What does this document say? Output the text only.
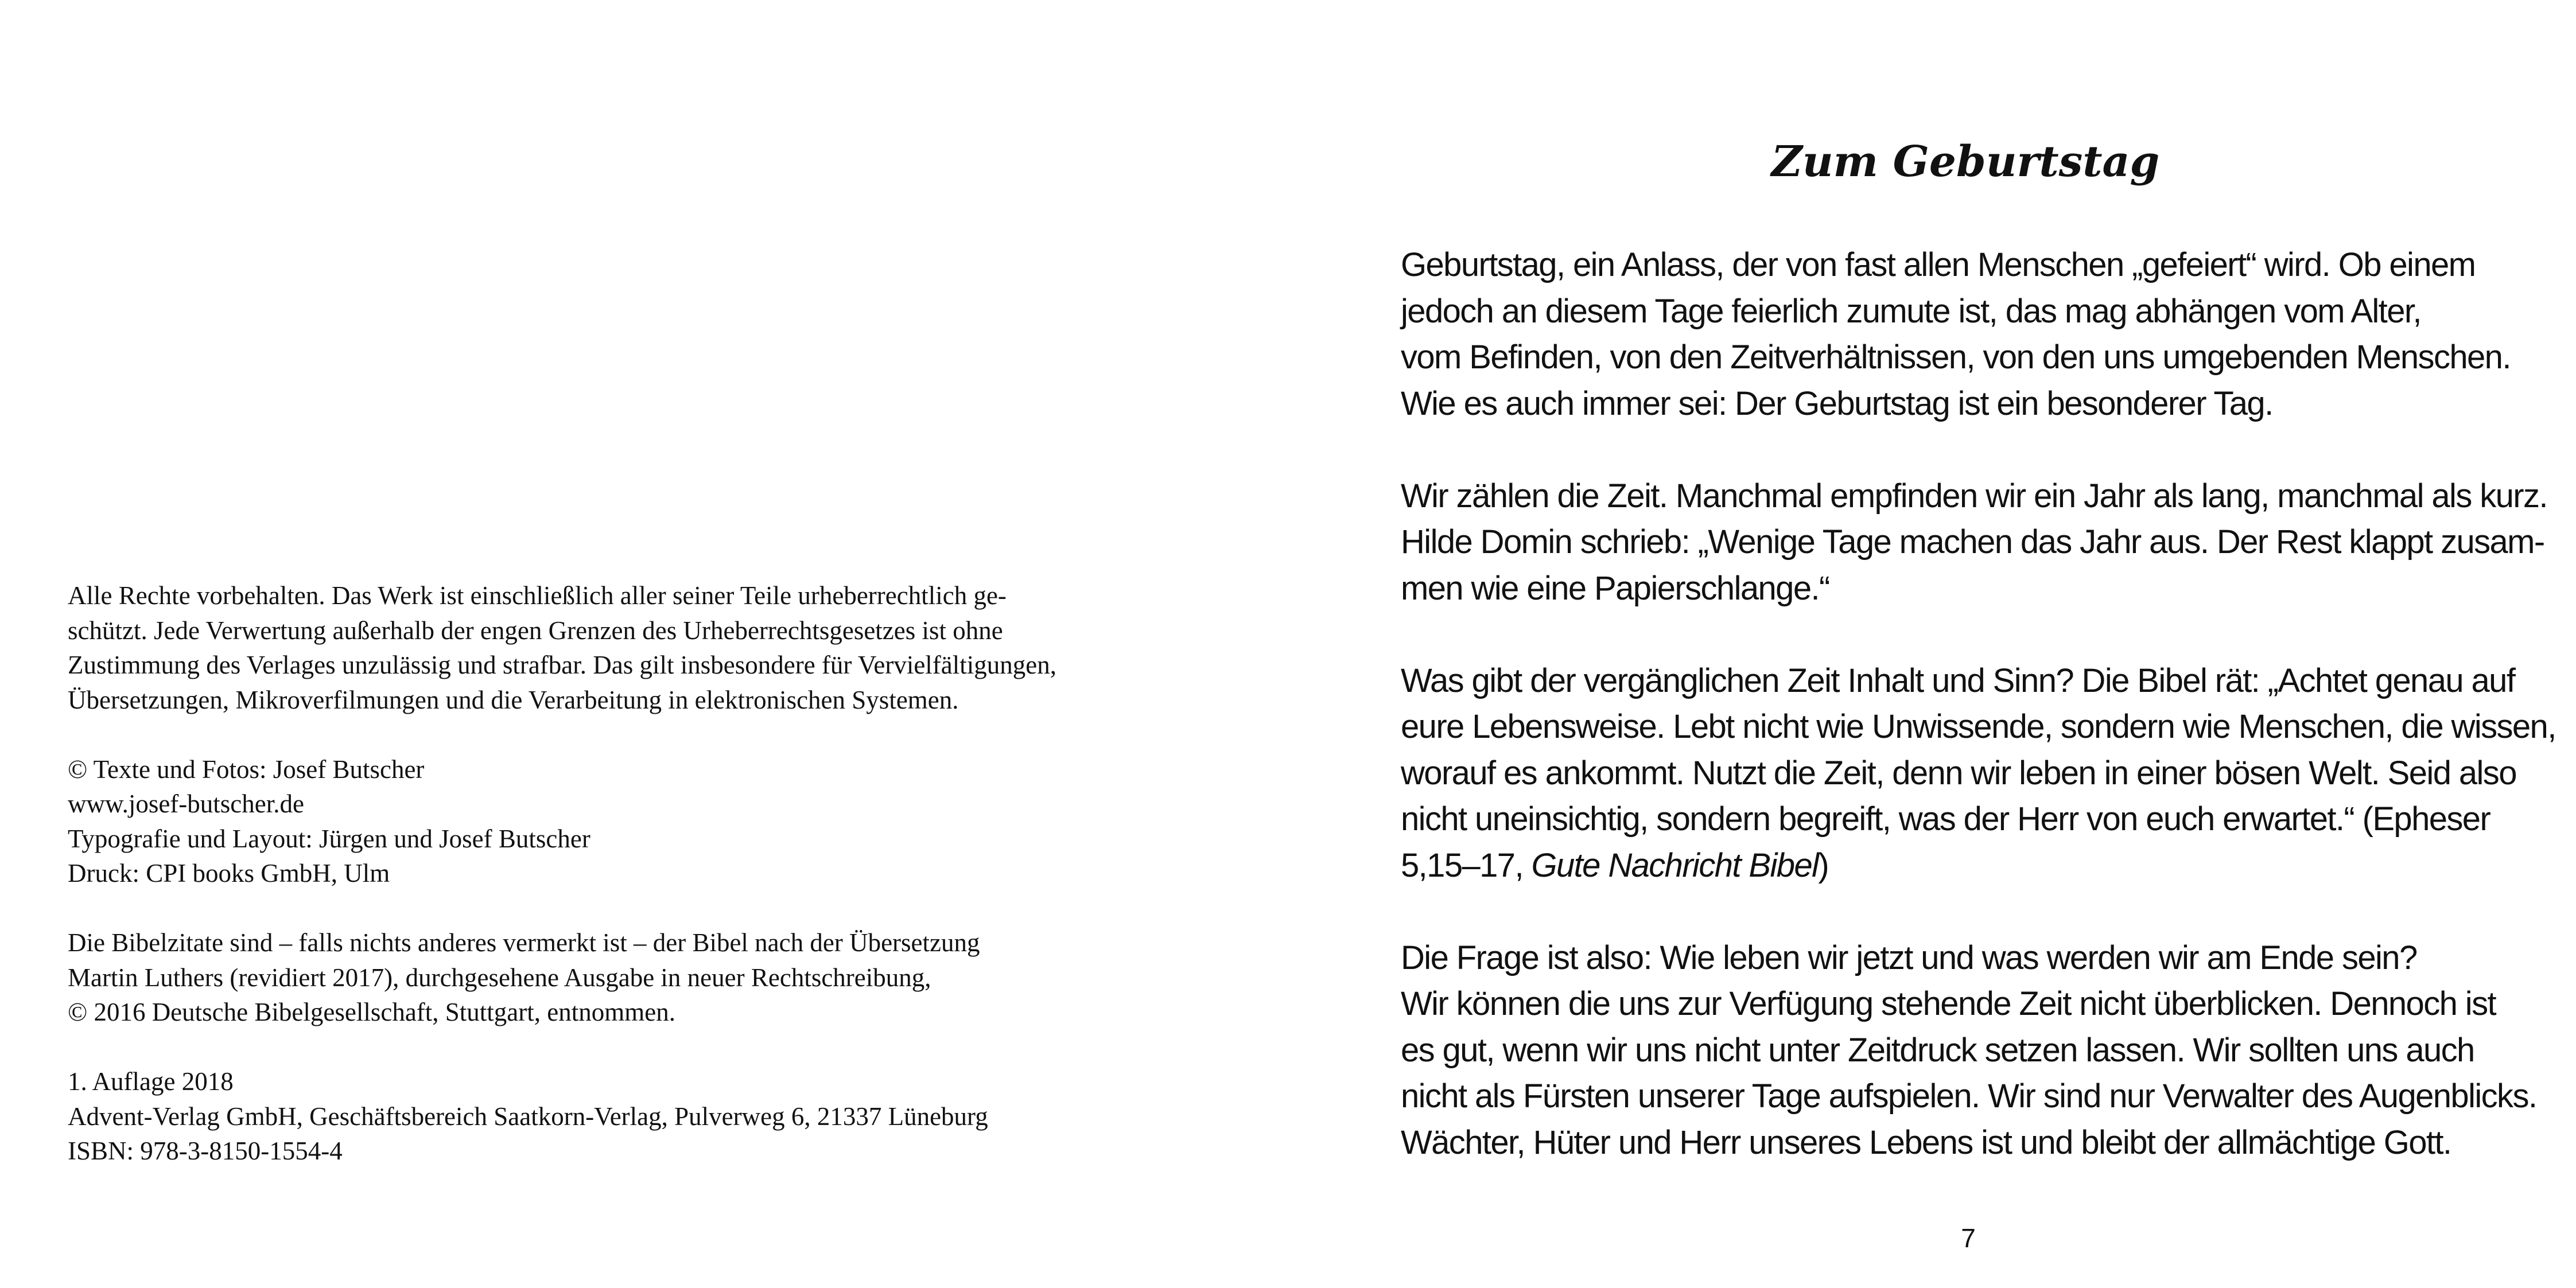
Alle Rechte vorbehalten. Das Werk ist einschließlich aller seiner Teile urheberrechtlich ge-
schützt. Jede Verwertung außerhalb der engen Grenzen des Urheberrechtsgesetzes ist ohne
Zustimmung des Verlages unzulässig und strafbar. Das gilt insbesondere für Vervielfältigungen,
Übersetzungen, Mikroverfilmungen und die Verarbeitung in elektronischen Systemen.

© Texte und Fotos: Josef Butscher
www.josef-butscher.de
Typografie und Layout: Jürgen und Josef Butscher
Druck: CPI books GmbH, Ulm

Die Bibelzitate sind – falls nichts anderes vermerkt ist – der Bibel nach der Übersetzung
Martin Luthers (revidiert 2017), durchgesehene Ausgabe in neuer Rechtschreibung,
© 2016 Deutsche Bibelgesellschaft, Stuttgart, entnommen.

1. Auflage 2018
Advent-Verlag GmbH, Geschäftsbereich Saatkorn-Verlag, Pulverweg 6, 21337 Lüneburg
ISBN: 978-3-8150-1554-4

Zum Geburtstag

Geburtstag, ein Anlass, der von fast allen Menschen „gefeiert“ wird. Ob einem
jedoch an diesem Tage feierlich zumute ist, das mag abhängen vom Alter,
vom Befinden, von den Zeitverhältnissen, von den uns umgebenden Menschen.
Wie es auch immer sei: Der Geburtstag ist ein besonderer Tag.

Wir zählen die Zeit. Manchmal empfinden wir ein Jahr als lang, manchmal als kurz.
Hilde Domin schrieb: „Wenige Tage machen das Jahr aus. Der Rest klappt zusam-
men wie eine Papierschlange.“

Was gibt der vergänglichen Zeit Inhalt und Sinn? Die Bibel rät: „Achtet genau auf
eure Lebensweise. Lebt nicht wie Unwissende, sondern wie Menschen, die wissen,
worauf es ankommt. Nutzt die Zeit, denn wir leben in einer bösen Welt. Seid also
nicht uneinsichtig, sondern begreift, was der Herr von euch erwartet.“ (Epheser
5,15–17, Gute Nachricht Bibel)

Die Frage ist also: Wie leben wir jetzt und was werden wir am Ende sein?
Wir können die uns zur Verfügung stehende Zeit nicht überblicken. Dennoch ist
es gut, wenn wir uns nicht unter Zeitdruck setzen lassen. Wir sollten uns auch
nicht als Fürsten unserer Tage aufspielen. Wir sind nur Verwalter des Augenblicks.
Wächter, Hüter und Herr unseres Lebens ist und bleibt der allmächtige Gott.

7
